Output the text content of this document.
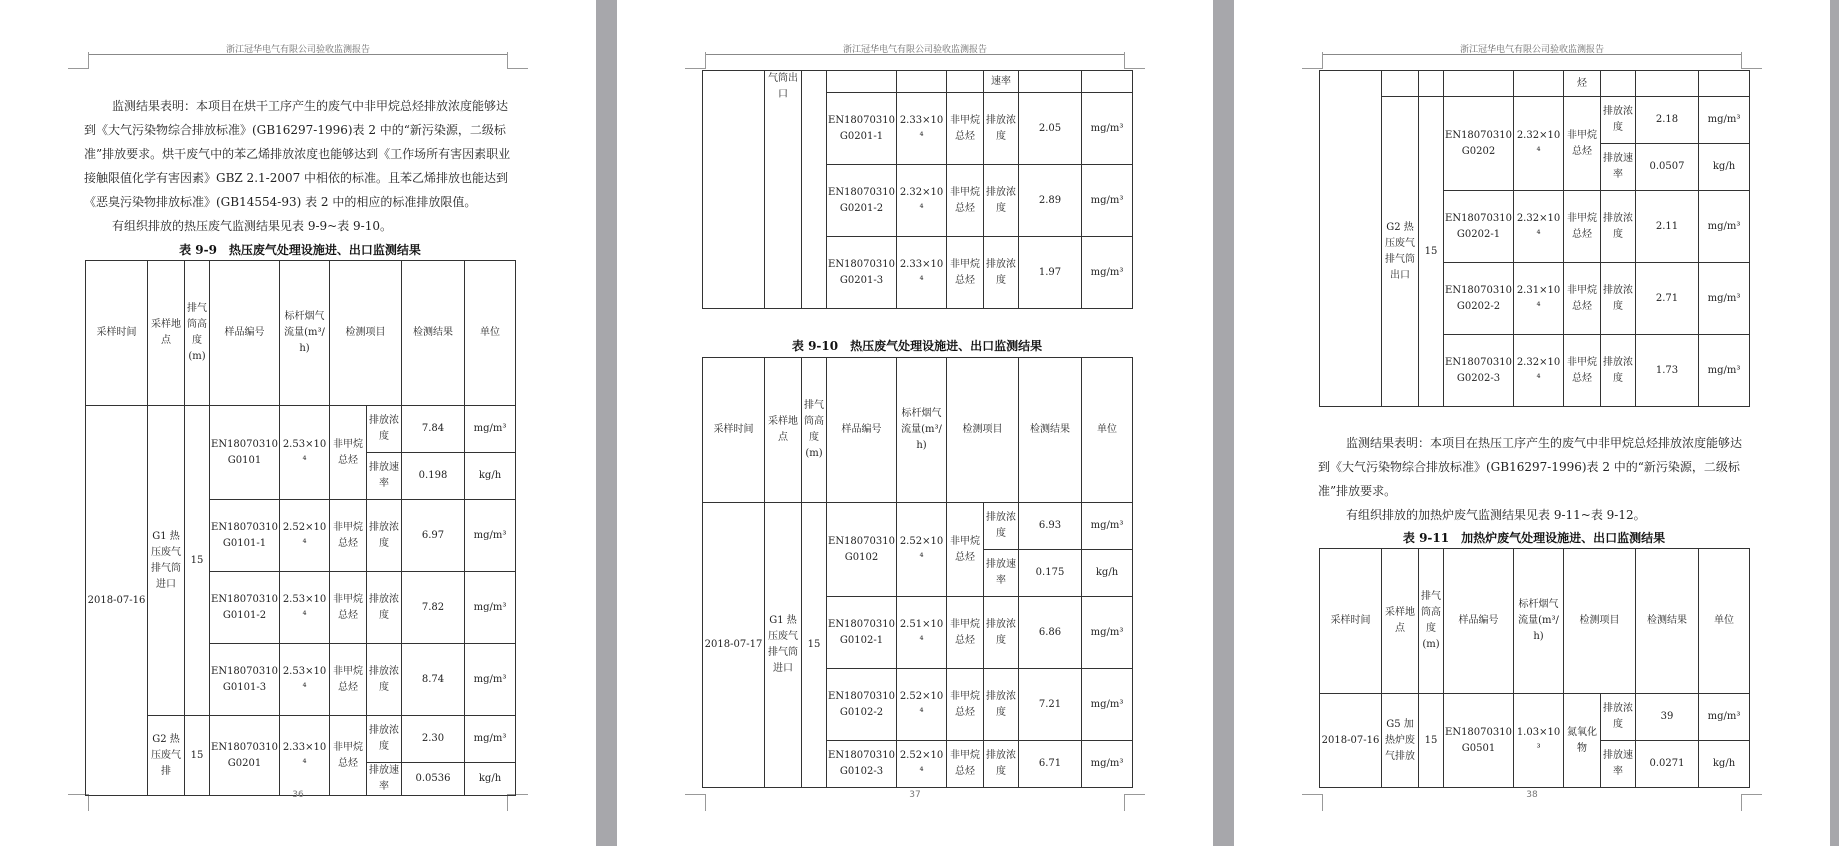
浙江冠华电气有限公司验收监测报告

监测结果表明：本项目在烘干工序产生的废气中非甲烷总烃排放浓度能够达到《大气污染物综合排放标准》(GB16297-1996)表 2 中的“新污染源，二级标准”排放要求。烘干废气中的苯乙烯排放浓度也能够达到《工作场所有害因素职业接触限值化学有害因素》GBZ 2.1-2007 中相依的标准。且苯乙烯排放也能达到《恶臭污染物排放标准》(GB14554-93) 表 2 中的相应的标准排放限值。

有组织排放的热压废气监测结果见表 9-9~表 9-10。

表 9-9　热压废气处理设施进、出口监测结果
采样时间	采样地点	排气筒高度(m)	样品编号	标杆烟气流量(m³/h)	检测项目		检测结果	单位
2018-07-16	G1 热压废气排气筒进口	15	EN18070310 G0101	2.53×10⁴	非甲烷总烃	排放浓度	7.84	mg/m³
						排放速率	0.198	kg/h
			EN18070310 G0101-1	2.52×10⁴	非甲烷总烃	排放浓度	6.97	mg/m³
			EN18070310 G0101-2	2.53×10⁴	非甲烷总烃	排放浓度	7.82	mg/m³
			EN18070310 G0101-3	2.53×10⁴	非甲烷总烃	排放浓度	8.74	mg/m³
	G2 热压废气排	15	EN18070310 G0201	2.33×10⁴	非甲烷总烃	排放浓度	2.30	mg/m³
						排放速率	0.0536	kg/h
36
浙江冠华电气有限公司验收监测报告
	气筒出口					速率		
			EN18070310 G0201-1	2.33×10⁴	非甲烷总烃	排放浓度	2.05	mg/m³
			EN18070310 G0201-2	2.32×10⁴	非甲烷总烃	排放浓度	2.89	mg/m³
			EN18070310 G0201-3	2.33×10⁴	非甲烷总烃	排放浓度	1.97	mg/m³
表 9-10　热压废气处理设施进、出口监测结果
采样时间	采样地点	排气筒高度(m)	样品编号	标杆烟气流量(m³/h)	检测项目		检测结果	单位
2018-07-17	G1 热压废气排气筒进口	15	EN18070310 G0102	2.52×10⁴	非甲烷总烃	排放浓度	6.93	mg/m³
						排放速率	0.175	kg/h
			EN18070310 G0102-1	2.51×10⁴	非甲烷总烃	排放浓度	6.86	mg/m³
			EN18070310 G0102-2	2.52×10⁴	非甲烷总烃	排放浓度	7.21	mg/m³
			EN18070310 G0102-3	2.52×10⁴	非甲烷总烃	排放浓度	6.71	mg/m³
37
浙江冠华电气有限公司验收监测报告
					烃			
	G2 热压废气排气筒出口	15	EN18070310 G0202	2.32×10⁴	非甲烷总烃	排放浓度	2.18	mg/m³
						排放速率	0.0507	kg/h
			EN18070310 G0202-1	2.32×10⁴	非甲烷总烃	排放浓度	2.11	mg/m³
			EN18070310 G0202-2	2.31×10⁴	非甲烷总烃	排放浓度	2.71	mg/m³
			EN18070310 G0202-3	2.32×10⁴	非甲烷总烃	排放浓度	1.73	mg/m³

监测结果表明：本项目在热压工序产生的废气中非甲烷总烃排放浓度能够达到《大气污染物综合排放标准》(GB16297-1996)表 2 中的“新污染源，二级标准”排放要求。

有组织排放的加热炉废气监测结果见表 9-11~表 9-12。

表 9-11　加热炉废气处理设施进、出口监测结果
采样时间	采样地点	排气筒高度(m)	样品编号	标杆烟气流量(m³/h)	检测项目		检测结果	单位
2018-07-16	G5 加热炉废气排放	15	EN18070310 G0501	1.03×10³	氮氧化物	排放浓度	39	mg/m³
						排放速率	0.0271	kg/h
38
